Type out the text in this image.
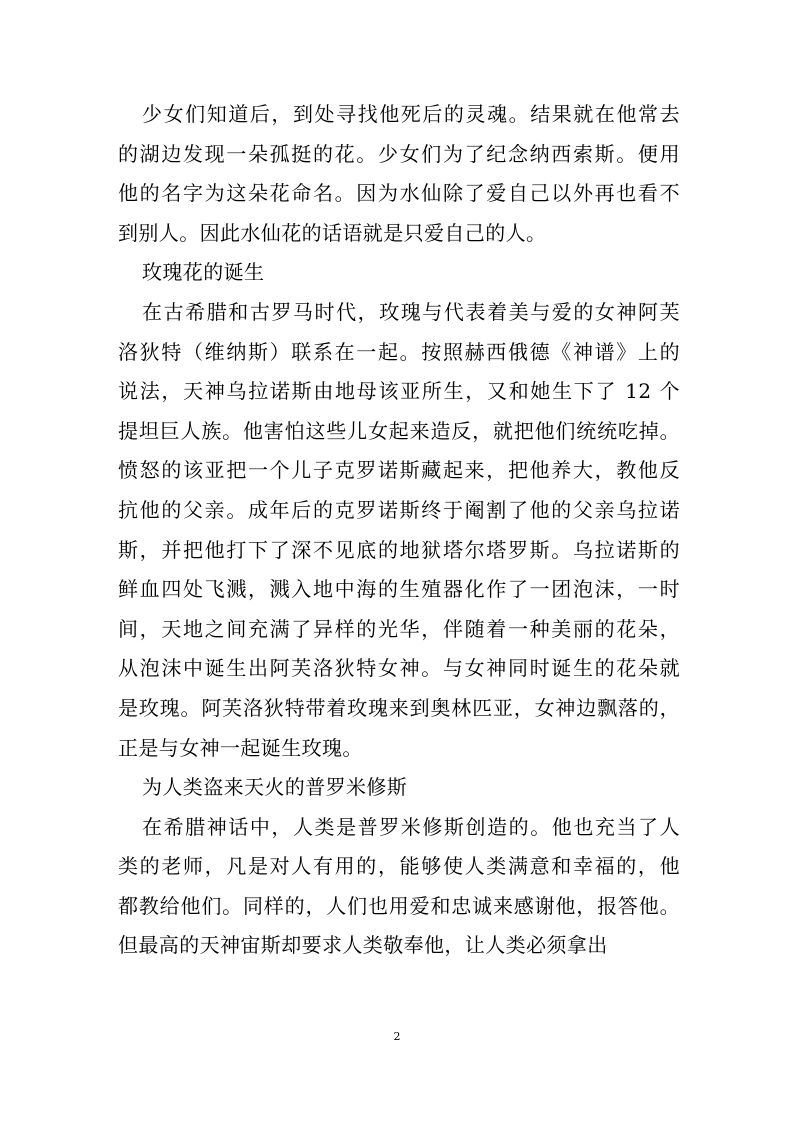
少女们知道后，到处寻找他死后的灵魂。结果就在他常去
的湖边发现一朵孤挺的花。少女们为了纪念纳西索斯。便用
他的名字为这朵花命名。因为水仙除了爱自己以外再也看不
到别人。因此水仙花的话语就是只爱自己的人。
玫瑰花的诞生
在古希腊和古罗马时代，玫瑰与代表着美与爱的女神阿芙
洛狄特（维纳斯）联系在一起。按照赫西俄德《神谱》上的
说法，天神乌拉诺斯由地母该亚所生，又和她生下了 12 个
提坦巨人族。他害怕这些儿女起来造反，就把他们统统吃掉。
愤怒的该亚把一个儿子克罗诺斯藏起来，把他养大，教他反
抗他的父亲。成年后的克罗诺斯终于阉割了他的父亲乌拉诺
斯，并把他打下了深不见底的地狱塔尔塔罗斯。乌拉诺斯的
鲜血四处飞溅，溅入地中海的生殖器化作了一团泡沫，一时
间，天地之间充满了异样的光华，伴随着一种美丽的花朵，
从泡沫中诞生出阿芙洛狄特女神。与女神同时诞生的花朵就
是玫瑰。阿芙洛狄特带着玫瑰来到奥林匹亚，女神边飘落的，
正是与女神一起诞生玫瑰。
为人类盗来天火的普罗米修斯
在希腊神话中，人类是普罗米修斯创造的。他也充当了人
类的老师，凡是对人有用的，能够使人类满意和幸福的，他
都教给他们。同样的，人们也用爱和忠诚来感谢他，报答他。
但最高的天神宙斯却要求人类敬奉他，让人类必须拿出
2
